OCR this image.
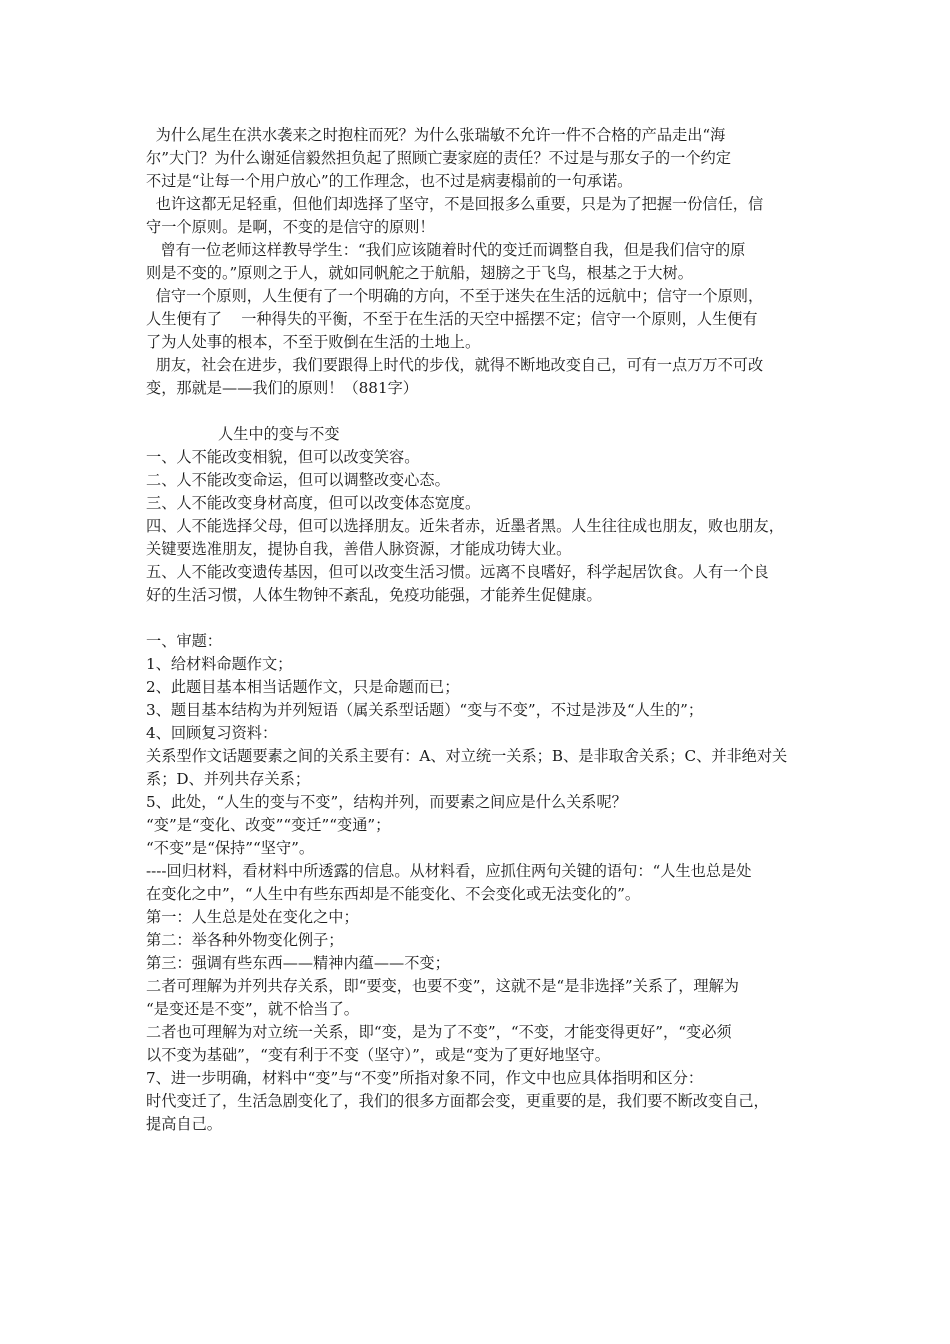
为什么尾生在洪水袭来之时抱柱而死？为什么张瑞敏不允许一件不合格的产品走出“海

尔”大门？为什么谢延信毅然担负起了照顾亡妻家庭的责任？不过是与那女子的一个约定

不过是“让每一个用户放心”的工作理念，也不过是病妻榻前的一句承诺。

也许这都无足轻重，但他们却选择了坚守，不是回报多么重要，只是为了把握一份信任，信

守一个原则。是啊，不变的是信守的原则！

曾有一位老师这样教导学生：“我们应该随着时代的变迁而调整自我，但是我们信守的原

则是不变的。”原则之于人，就如同帆舵之于航船，翅膀之于飞鸟，根基之于大树。

信守一个原则，人生便有了一个明确的方向，不至于迷失在生活的远航中；信守一个原则，

人生便有了    一种得失的平衡，不至于在生活的天空中摇摆不定；信守一个原则，人生便有

了为人处事的根本，不至于败倒在生活的土地上。

朋友，社会在进步，我们要跟得上时代的步伐，就得不断地改变自己，可有一点万万不可改

变，那就是——我们的原则！（881字）

人生中的变与不变

一、人不能改变相貌，但可以改变笑容。

二、人不能改变命运，但可以调整改变心态。

三、人不能改变身材高度，但可以改变体态宽度。

四、人不能选择父母，但可以选择朋友。近朱者赤，近墨者黑。人生往往成也朋友，败也朋友，

关键要选准朋友，提协自我，善借人脉资源，才能成功铸大业。

五、人不能改变遗传基因，但可以改变生活习惯。远离不良嗜好，科学起居饮食。人有一个良

好的生活习惯，人体生物钟不紊乱，免疫功能强，才能养生促健康。

一、审题：

1、给材料命题作文；

2、此题目基本相当话题作文，只是命题而已；

3、题目基本结构为并列短语（属关系型话题）“变与不变”，不过是涉及“人生的”；

4、回顾复习资料：

关系型作文话题要素之间的关系主要有：A、对立统一关系；B、是非取舍关系；C、并非绝对关

系；D、并列共存关系；

5、此处，“人生的变与不变”，结构并列，而要素之间应是什么关系呢？

“变”是“变化、改变”“变迁”“变通”；

“不变”是“保持”“坚守”。

----回归材料，看材料中所透露的信息。从材料看，应抓住两句关键的语句：“人生也总是处

在变化之中”，“人生中有些东西却是不能变化、不会变化或无法变化的”。

第一：人生总是处在变化之中；

第二：举各种外物变化例子；

第三：强调有些东西——精神内蕴——不变；

二者可理解为并列共存关系，即“要变，也要不变”，这就不是“是非选择”关系了，理解为

“是变还是不变”，就不恰当了。

二者也可理解为对立统一关系，即“变，是为了不变”，“不变，才能变得更好”，“变必须

以不变为基础”，“变有利于不变（坚守）”，或是“变为了更好地坚守。

7、进一步明确，材料中“变”与“不变”所指对象不同，作文中也应具体指明和区分：

时代变迁了，生活急剧变化了，我们的很多方面都会变，更重要的是，我们要不断改变自己，

提高自己。
